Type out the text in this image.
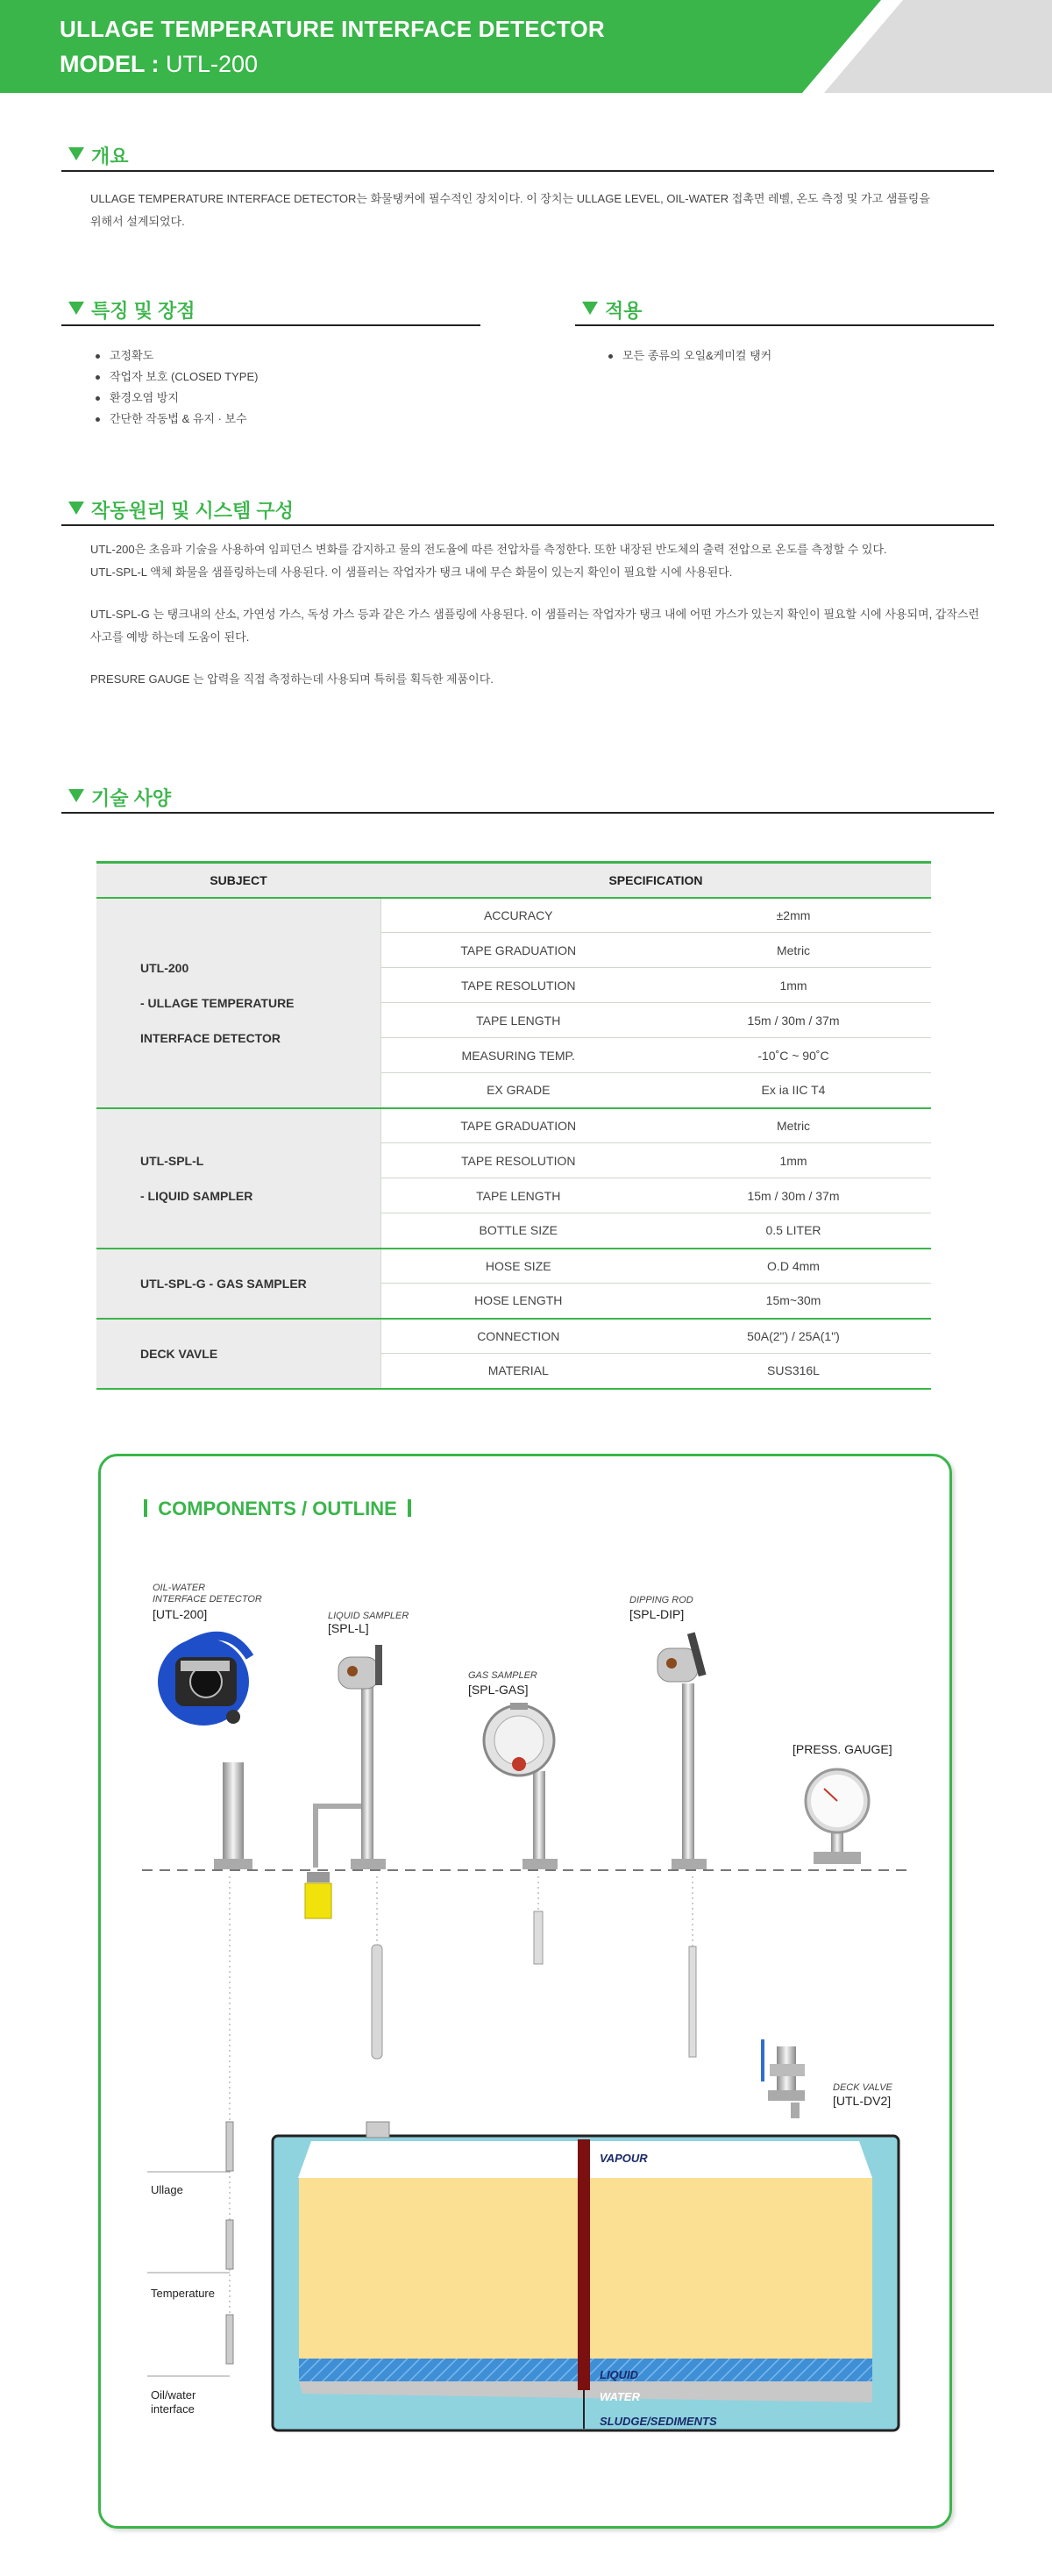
ULLAGE TEMPERATURE INTERFACE DETECTOR
MODEL : UTL-200
개요
ULLAGE TEMPERATURE INTERFACE DETECTOR는 화물탱커에 필수적인 장치이다. 이 장치는 ULLAGE LEVEL, OIL-WATER 접촉면 레벨, 온도 측정 및 가고 샘플링을
위해서 설계되었다.
특징 및 장점
고정확도
작업자 보호 (CLOSED TYPE)
환경오염 방지
간단한 작동법 & 유지 · 보수
적용
모든 종류의 오일&케미컬 탱커
작동원리 및 시스템 구성
UTL-200은 초음파 기술을 사용하여 임피던스 변화를 감지하고 물의 전도율에 따른 전압차를 측정한다. 또한 내장된 반도체의 출력 전압으로 온도를 측정할 수 있다.
UTL-SPL-L 액체 화물을 샘플링하는데 사용된다. 이 샘플러는 작업자가 탱크 내에 무슨 화물이 있는지 확인이 필요할 시에 사용된다.
UTL-SPL-G 는 탱크내의 산소, 가연성 가스, 독성 가스 등과 같은 가스 샘플링에 사용된다. 이 샘플러는 작업자가 탱크 내에 어떤 가스가 있는지 확인이 필요할 시에 사용되며, 갑작스런
사고를 예방 하는데 도움이 된다.
PRESURE GAUGE 는 압력을 직접 측정하는데 사용되며 특허를 획득한 제품이다.
기술 사양
SUBJECT	SPECIFICATION	

UTL-200
- ULLAGE TEMPERATURE
INTERFACE DETECTOR	ACCURACY	±2mm
	TAPE GRADUATION	Metric
	TAPE RESOLUTION	1mm
	TAPE LENGTH	15m / 30m / 37m
	MEASURING TEMP.	-10˚C ~ 90˚C
	EX GRADE	Ex ia IIC T4

UTL-SPL-L
- LIQUID SAMPLER	TAPE GRADUATION	Metric
	TAPE RESOLUTION	1mm
	TAPE LENGTH	15m / 30m / 37m
	BOTTLE SIZE	0.5 LITER

UTL-SPL-G - GAS SAMPLER	HOSE SIZE	O.D 4mm
	HOSE LENGTH	15m~30m

DECK VAVLE	CONNECTION	50A(2") / 25A(1")
	MATERIAL	SUS316L
COMPONENTS / OUTLINE
OIL-WATER
INTERFACE DETECTOR
[UTL-200]	LIQUID SAMPLER
[SPL-L]
GAS SAMPLER
[SPL-GAS]
DIPPING ROD
[SPL-DIP]
[PRESS. GAUGE]
DECK VALVE
[UTL-DV2]
VAPOUR
LIQUID
WATER
SLUDGE/SEDIMENTS
Ullage
Temperature
Oil/water
interface
